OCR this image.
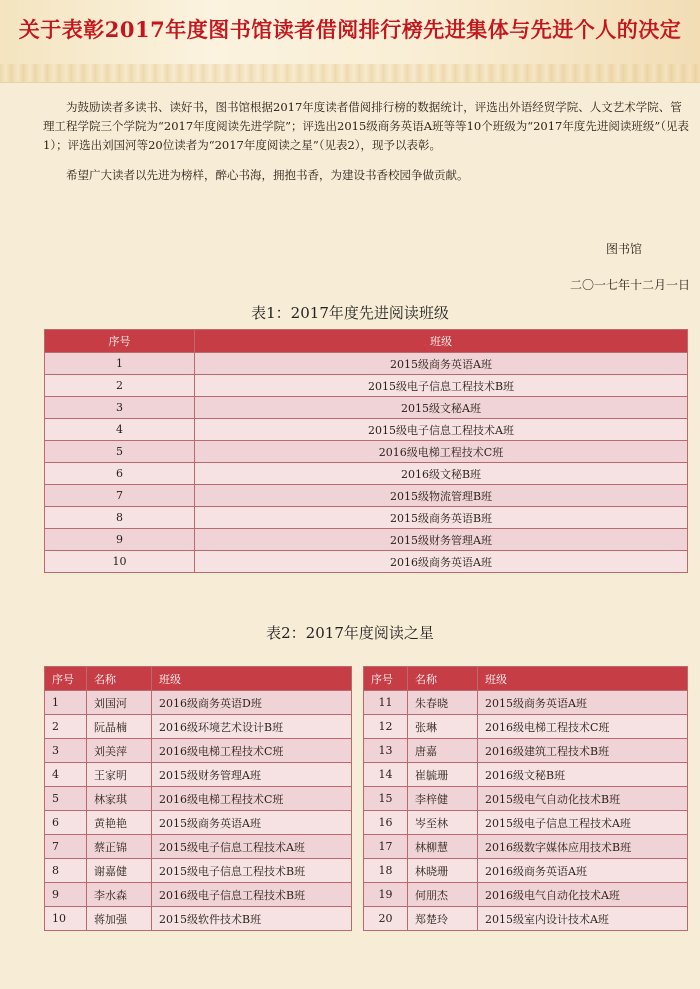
关于表彰2017年度图书馆读者借阅排行榜先进集体与先进个人的决定
为鼓励读者多读书、读好书，图书馆根据2017年度读者借阅排行榜的数据统计，评选出外语经贸学院、人文艺术学院、管理工程学院三个学院为“2017年度阅读先进学院”；评选出2015级商务英语A班等等10个班级为“2017年度先进阅读班级”（见表1）；评选出刘国河等20位读者为“2017年度阅读之星”（见表2），现予以表彰。
希望广大读者以先进为榜样，醉心书海，拥抱书香，为建设书香校园争做贡献。
图书馆
二〇一七年十二月一日
表1：2017年度先进阅读班级
序号	班级
1	2015级商务英语A班
2	2015级电子信息工程技术B班
3	2015级文秘A班
4	2015级电子信息工程技术A班
5	2016级电梯工程技术C班
6	2016级文秘B班
7	2015级物流管理B班
8	2015级商务英语B班
9	2015级财务管理A班
10	2016级商务英语A班
表2：2017年度阅读之星
序号	名称	班级		序号	名称	班级
1	刘国河	2016级商务英语D班		11	朱春晓	2015级商务英语A班
2	阮晶楠	2016级环境艺术设计B班		12	张琳	2016级电梯工程技术C班
3	刘美萍	2016级电梯工程技术C班		13	唐嘉	2016级建筑工程技术B班
4	王家明	2015级财务管理A班		14	崔毓珊	2016级文秘B班
5	林家琪	2016级电梯工程技术C班		15	李梓健	2015级电气自动化技术B班
6	黄艳艳	2015级商务英语A班		16	岑至林	2015级电子信息工程技术A班
7	蔡正锦	2015级电子信息工程技术A班		17	林柳慧	2016级数字媒体应用技术B班
8	谢嘉健	2015级电子信息工程技术B班		18	林晓珊	2016级商务英语A班
9	李水森	2016级电子信息工程技术B班		19	何朋杰	2016级电气自动化技术A班
10	蒋加强	2015级软件技术B班		20	郑楚玲	2015级室内设计技术A班
